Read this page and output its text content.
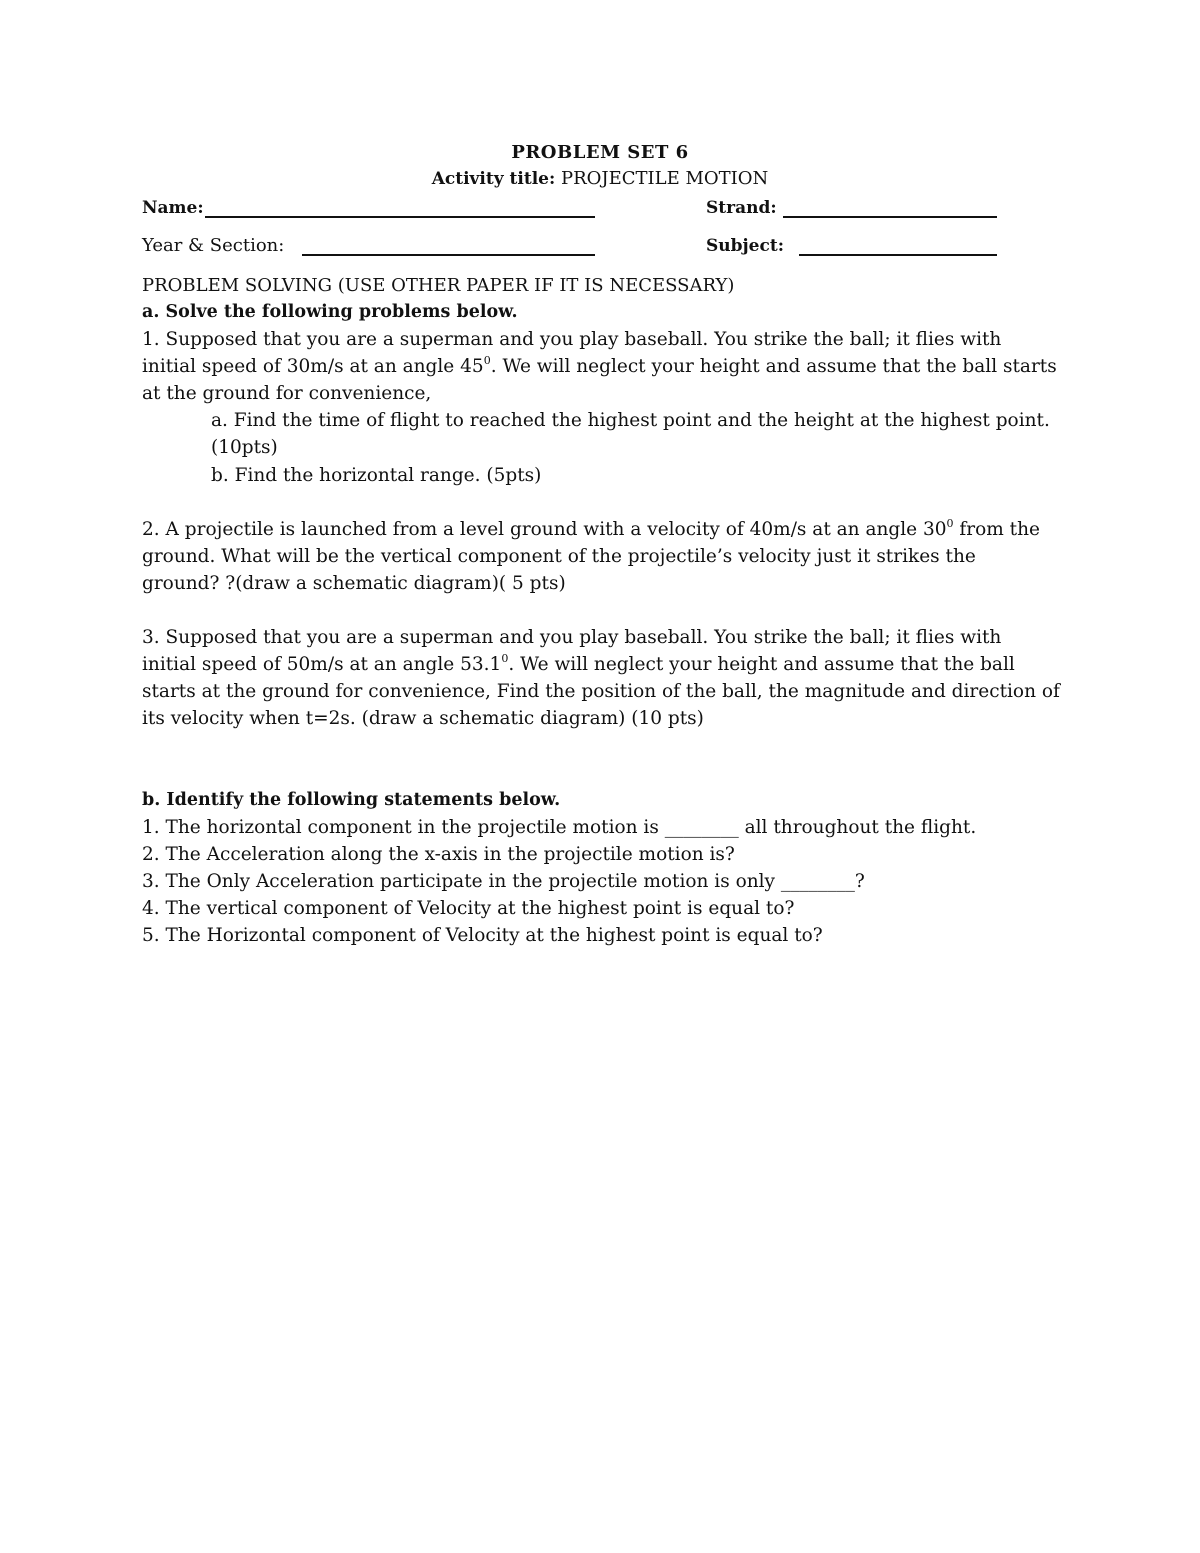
PROBLEM SET 6
Activity title: PROJECTILE MOTION
Name:	Strand:
Year & Section:	Subject:
PROBLEM SOLVING (USE OTHER PAPER IF IT IS NECESSARY)
a. Solve the following problems below.
1. Supposed that you are a superman and you play baseball. You strike the ball; it flies with
initial speed of 30m/s at an angle $45^0$. We will neglect your height and assume that the ball starts
at the ground for convenience,
a. Find the time of flight to reached the highest point and the height at the highest point.
(10pts)
b. Find the horizontal range. (5pts)
2. A projectile is launched from a level ground with a velocity of 40m/s at an angle $30^0$ from the
ground. What will be the vertical component of the projectile’s velocity just it strikes the
ground? ?(draw a schematic diagram)( 5 pts)
3. Supposed that you are a superman and you play baseball. You strike the ball; it flies with
initial speed of 50m/s at an angle 53.1$^0$. We will neglect your height and assume that the ball
starts at the ground for convenience, Find the position of the ball, the magnitude and direction of
its velocity when t=2s. (draw a schematic diagram) (10 pts)
b. Identify the following statements below.
1. The horizontal component in the projectile motion is ________ all throughout the flight.
2. The Acceleration along the x-axis in the projectile motion is?
3. The Only Acceleration participate in the projectile motion is only ________?
4. The vertical component of Velocity at the highest point is equal to?
5. The Horizontal component of Velocity at the highest point is equal to?
